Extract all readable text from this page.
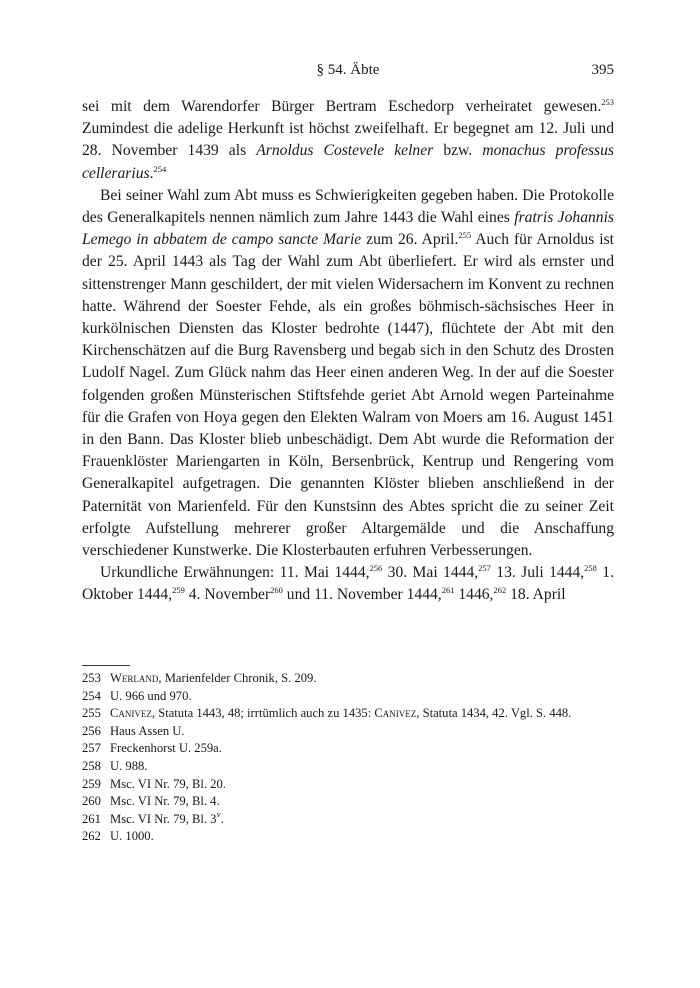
§ 54. Äbte	395

sei mit dem Warendorfer Bürger Bertram Eschedorp verheiratet gewesen.$^{253}$ Zumindest die adelige Herkunft ist höchst zweifelhaft. Er begegnet am 12. Juli und 28. November 1439 als Arnoldus Costevele kelner bzw. monachus professus cellerarius.$^{254}$

Bei seiner Wahl zum Abt muss es Schwierigkeiten gegeben haben. Die Protokolle des Generalkapitels nennen nämlich zum Jahre 1443 die Wahl eines fratris Johannis Lemego in abbatem de campo sancte Marie zum 26. April.$^{255}$ Auch für Arnoldus ist der 25. April 1443 als Tag der Wahl zum Abt überliefert. Er wird als ernster und sittenstrenger Mann geschildert, der mit vielen Widersachern im Konvent zu rechnen hatte. Während der Soester Fehde, als ein großes böhmisch-sächsisches Heer in kurkölnischen Diensten das Kloster bedrohte (1447), flüchtete der Abt mit den Kirchenschätzen auf die Burg Ravensberg und begab sich in den Schutz des Drosten Ludolf Nagel. Zum Glück nahm das Heer einen anderen Weg. In der auf die Soester folgenden großen Münsterischen Stiftsfehde geriet Abt Arnold wegen Parteinahme für die Grafen von Hoya gegen den Elekten Walram von Moers am 16. August 1451 in den Bann. Das Kloster blieb unbeschädigt. Dem Abt wurde die Reformation der Frauenklöster Mariengarten in Köln, Bersenbrück, Kentrup und Rengering vom Generalkapitel aufgetragen. Die genannten Klöster blieben anschließend in der Paternität von Marienfeld. Für den Kunstsinn des Abtes spricht die zu seiner Zeit erfolgte Aufstellung mehrerer großer Altargemälde und die Anschaffung verschiedener Kunstwerke. Die Klosterbauten erfuhren Verbesserungen.

Urkundliche Erwähnungen: 11. Mai 1444,$^{256}$ 30. Mai 1444,$^{257}$ 13. Juli 1444,$^{258}$ 1. Oktober 1444,$^{259}$ 4. November$^{260}$ und 11. November 1444,$^{261}$ 1446,$^{262}$ 18. April

253 Werland, Marienfelder Chronik, S. 209.
254 U. 966 und 970.
255 Canivez, Statuta 1443, 48; irrtümlich auch zu 1435: Canivez, Statuta 1434, 42. Vgl. S. 448.
256 Haus Assen U.
257 Freckenhorst U. 259a.
258 U. 988.
259 Msc. VI Nr. 79, Bl. 20.
260 Msc. VI Nr. 79, Bl. 4.
261 Msc. VI Nr. 79, Bl. 3$^v$.
262 U. 1000.
